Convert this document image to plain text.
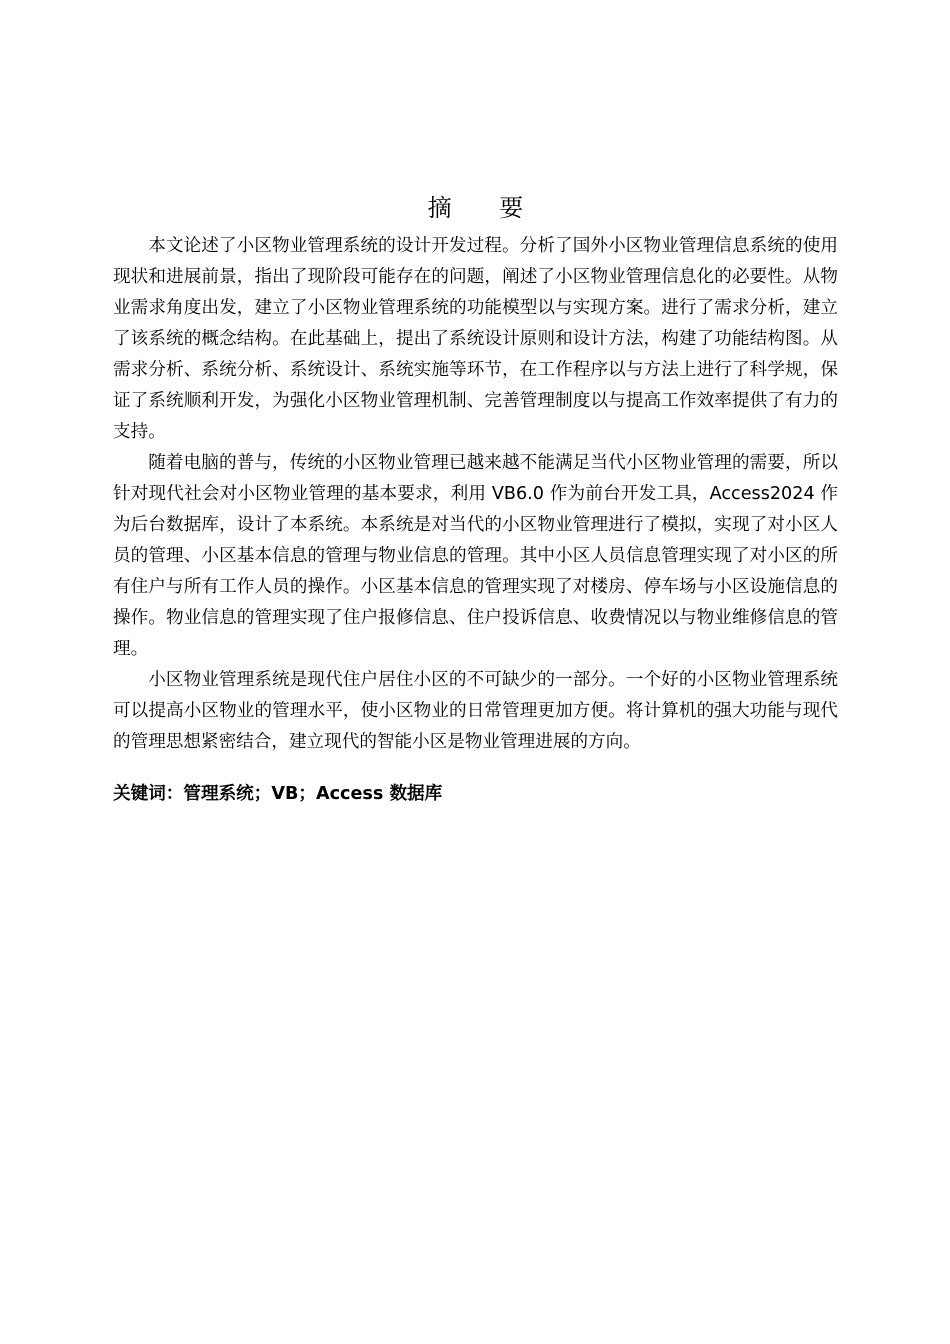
摘 要

本文论述了小区物业管理系统的设计开发过程。分析了国外小区物业管理信息系统的使用现状和进展前景，指出了现阶段可能存在的问题，阐述了小区物业管理信息化的必要性。从物业需求角度出发，建立了小区物业管理系统的功能模型以与实现方案。进行了需求分析，建立了该系统的概念结构。在此基础上，提出了系统设计原则和设计方法，构建了功能结构图。从需求分析、系统分析、系统设计、系统实施等环节，在工作程序以与方法上进行了科学规，保证了系统顺利开发，为强化小区物业管理机制、完善管理制度以与提高工作效率提供了有力的支持。

随着电脑的普与，传统的小区物业管理已越来越不能满足当代小区物业管理的需要，所以针对现代社会对小区物业管理的基本要求，利用 VB6.0 作为前台开发工具，Access2024 作为后台数据库，设计了本系统。本系统是对当代的小区物业管理进行了模拟，实现了对小区人员的管理、小区基本信息的管理与物业信息的管理。其中小区人员信息管理实现了对小区的所有住户与所有工作人员的操作。小区基本信息的管理实现了对楼房、停车场与小区设施信息的操作。物业信息的管理实现了住户报修信息、住户投诉信息、收费情况以与物业维修信息的管理。

小区物业管理系统是现代住户居住小区的不可缺少的一部分。一个好的小区物业管理系统可以提高小区物业的管理水平，使小区物业的日常管理更加方便。将计算机的强大功能与现代的管理思想紧密结合，建立现代的智能小区是物业管理进展的方向。

关键词：管理系统；VB；Access 数据库
